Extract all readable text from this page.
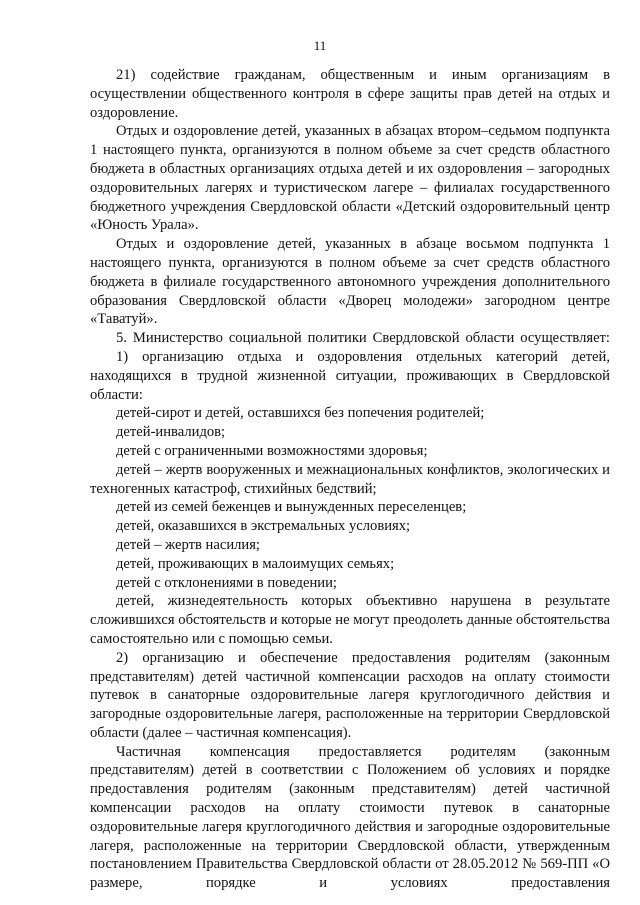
11

21) содействие гражданам, общественным и иным организациям в осуществлении общественного контроля в сфере защиты прав детей на отдых и оздоровление.

Отдых и оздоровление детей, указанных в абзацах втором–седьмом подпункта 1 настоящего пункта, организуются в полном объеме за счет средств областного бюджета в областных организациях отдыха детей и их оздоровления – загородных оздоровительных лагерях и туристическом лагере – филиалах государственного бюджетного учреждения Свердловской области «Детский оздоровительный центр «Юность Урала».

Отдых и оздоровление детей, указанных в абзаце восьмом подпункта 1 настоящего пункта, организуются в полном объеме за счет средств областного бюджета в филиале государственного автономного учреждения дополнительного образования Свердловской области «Дворец молодежи» загородном центре «Таватуй».

5. Министерство социальной политики Свердловской области осуществляет:

1) организацию отдыха и оздоровления отдельных категорий детей, находящихся в трудной жизненной ситуации, проживающих в Свердловской области:

детей-сирот и детей, оставшихся без попечения родителей;

детей-инвалидов;

детей с ограниченными возможностями здоровья;

детей – жертв вооруженных и межнациональных конфликтов, экологических и техногенных катастроф, стихийных бедствий;

детей из семей беженцев и вынужденных переселенцев;

детей, оказавшихся в экстремальных условиях;

детей – жертв насилия;

детей, проживающих в малоимущих семьях;

детей с отклонениями в поведении;

детей, жизнедеятельность которых объективно нарушена в результате сложившихся обстоятельств и которые не могут преодолеть данные обстоятельства самостоятельно или с помощью семьи.

2) организацию и обеспечение предоставления родителям (законным представителям) детей частичной компенсации расходов на оплату стоимости путевок в санаторные оздоровительные лагеря круглогодичного действия и загородные оздоровительные лагеря, расположенные на территории Свердловской области (далее – частичная компенсация).

Частичная компенсация предоставляется родителям (законным представителям) детей в соответствии с Положением об условиях и порядке предоставления родителям (законным представителям) детей частичной компенсации расходов на оплату стоимости путевок в санаторные оздоровительные лагеря круглогодичного действия и загородные оздоровительные лагеря, расположенные на территории Свердловской области, утвержденным постановлением Правительства Свердловской области от 28.05.2012 № 569-ПП «О размере, порядке и условиях предоставления
